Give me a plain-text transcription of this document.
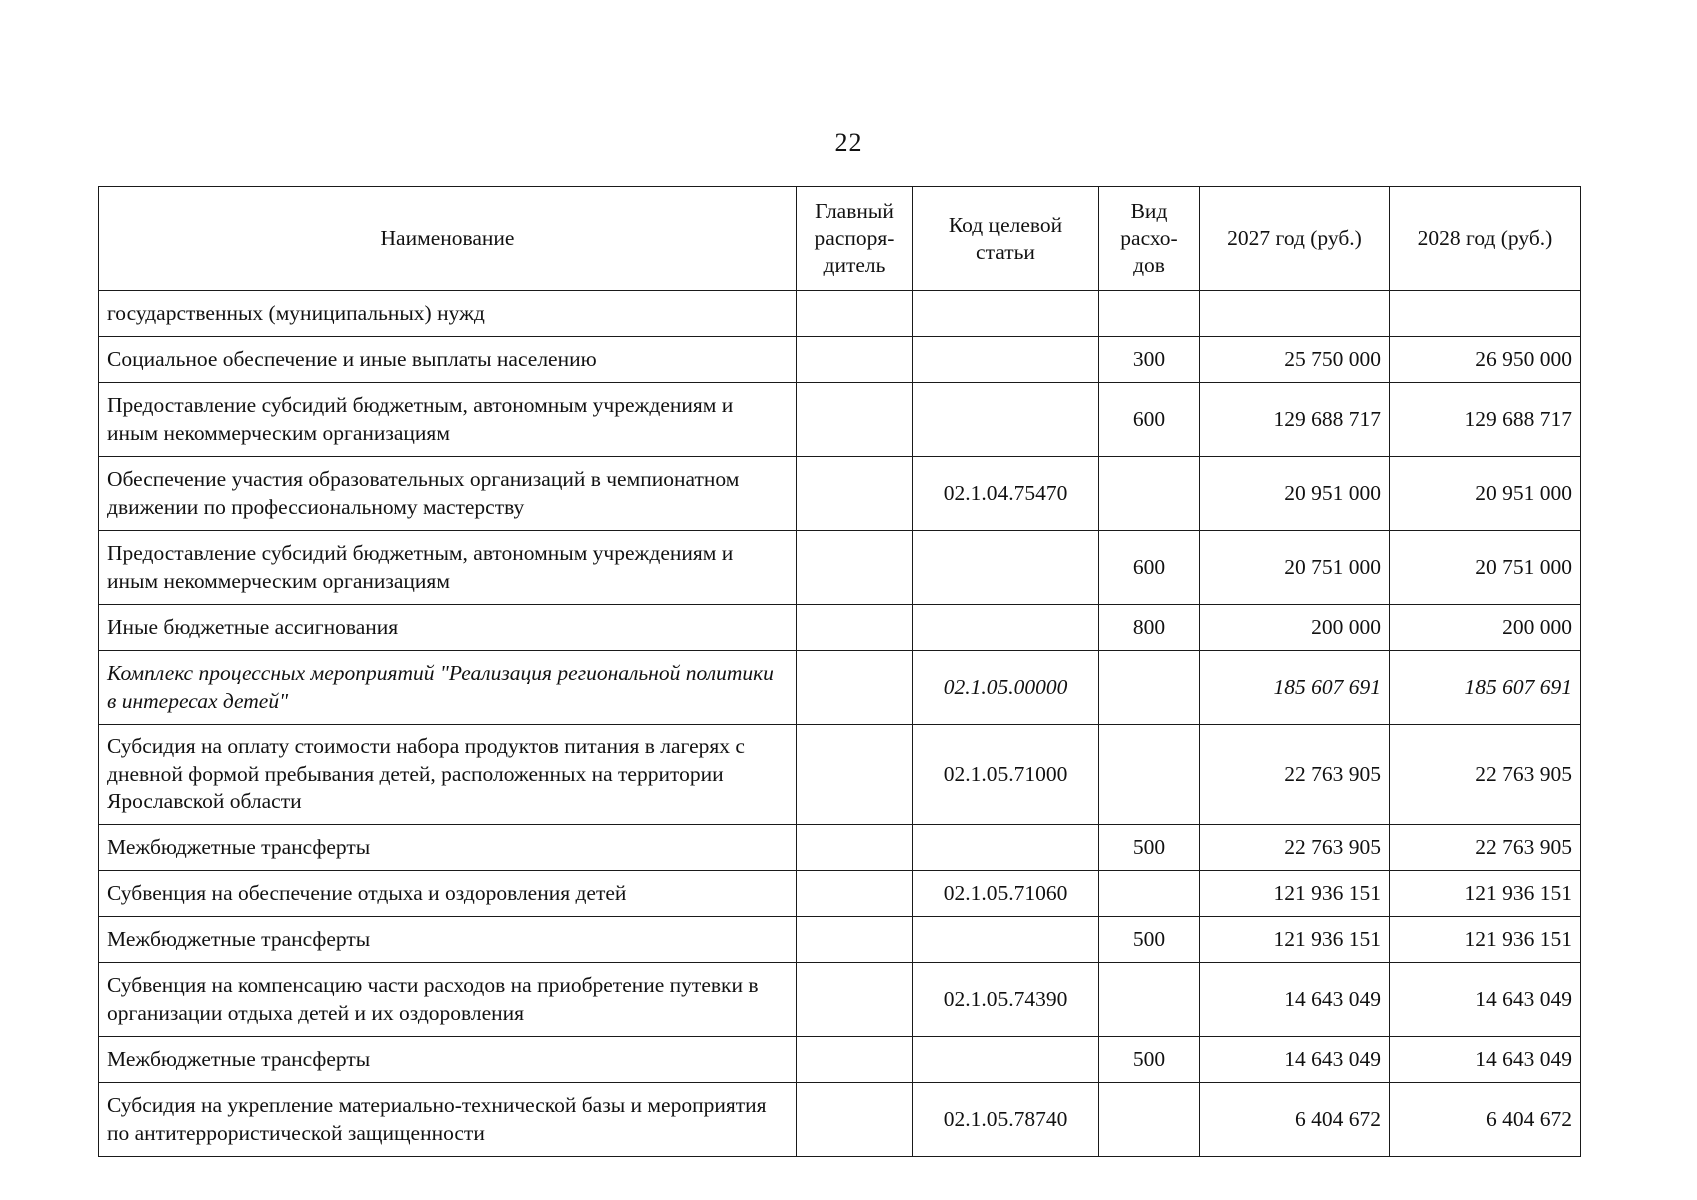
22
Наименование	Главный распоря-дитель	Код целевой статьи	Вид расхо-дов	2027 год (руб.)	2028 год (руб.)
государственных (муниципальных) нужд					
Социальное обеспечение и иные выплаты населению			300	25 750 000	26 950 000
Предоставление субсидий бюджетным, автономным учреждениям и иным некоммерческим организациям			600	129 688 717	129 688 717
Обеспечение участия образовательных организаций в чемпионатном движении по профессиональному мастерству		02.1.04.75470		20 951 000	20 951 000
Предоставление субсидий бюджетным, автономным учреждениям и иным некоммерческим организациям			600	20 751 000	20 751 000
Иные бюджетные ассигнования			800	200 000	200 000
Комплекс процессных мероприятий "Реализация региональной политики в интересах детей"		02.1.05.00000		185 607 691	185 607 691
Субсидия на оплату стоимости набора продуктов питания в лагерях с дневной формой пребывания детей, расположенных на территории Ярославской области		02.1.05.71000		22 763 905	22 763 905
Межбюджетные трансферты			500	22 763 905	22 763 905
Субвенция на обеспечение отдыха и оздоровления детей		02.1.05.71060		121 936 151	121 936 151
Межбюджетные трансферты			500	121 936 151	121 936 151
Субвенция на компенсацию части расходов на приобретение путевки в организации отдыха детей и их оздоровления		02.1.05.74390		14 643 049	14 643 049
Межбюджетные трансферты			500	14 643 049	14 643 049
Субсидия на укрепление материально-технической базы и мероприятия по антитеррористической защищенности		02.1.05.78740		6 404 672	6 404 672
